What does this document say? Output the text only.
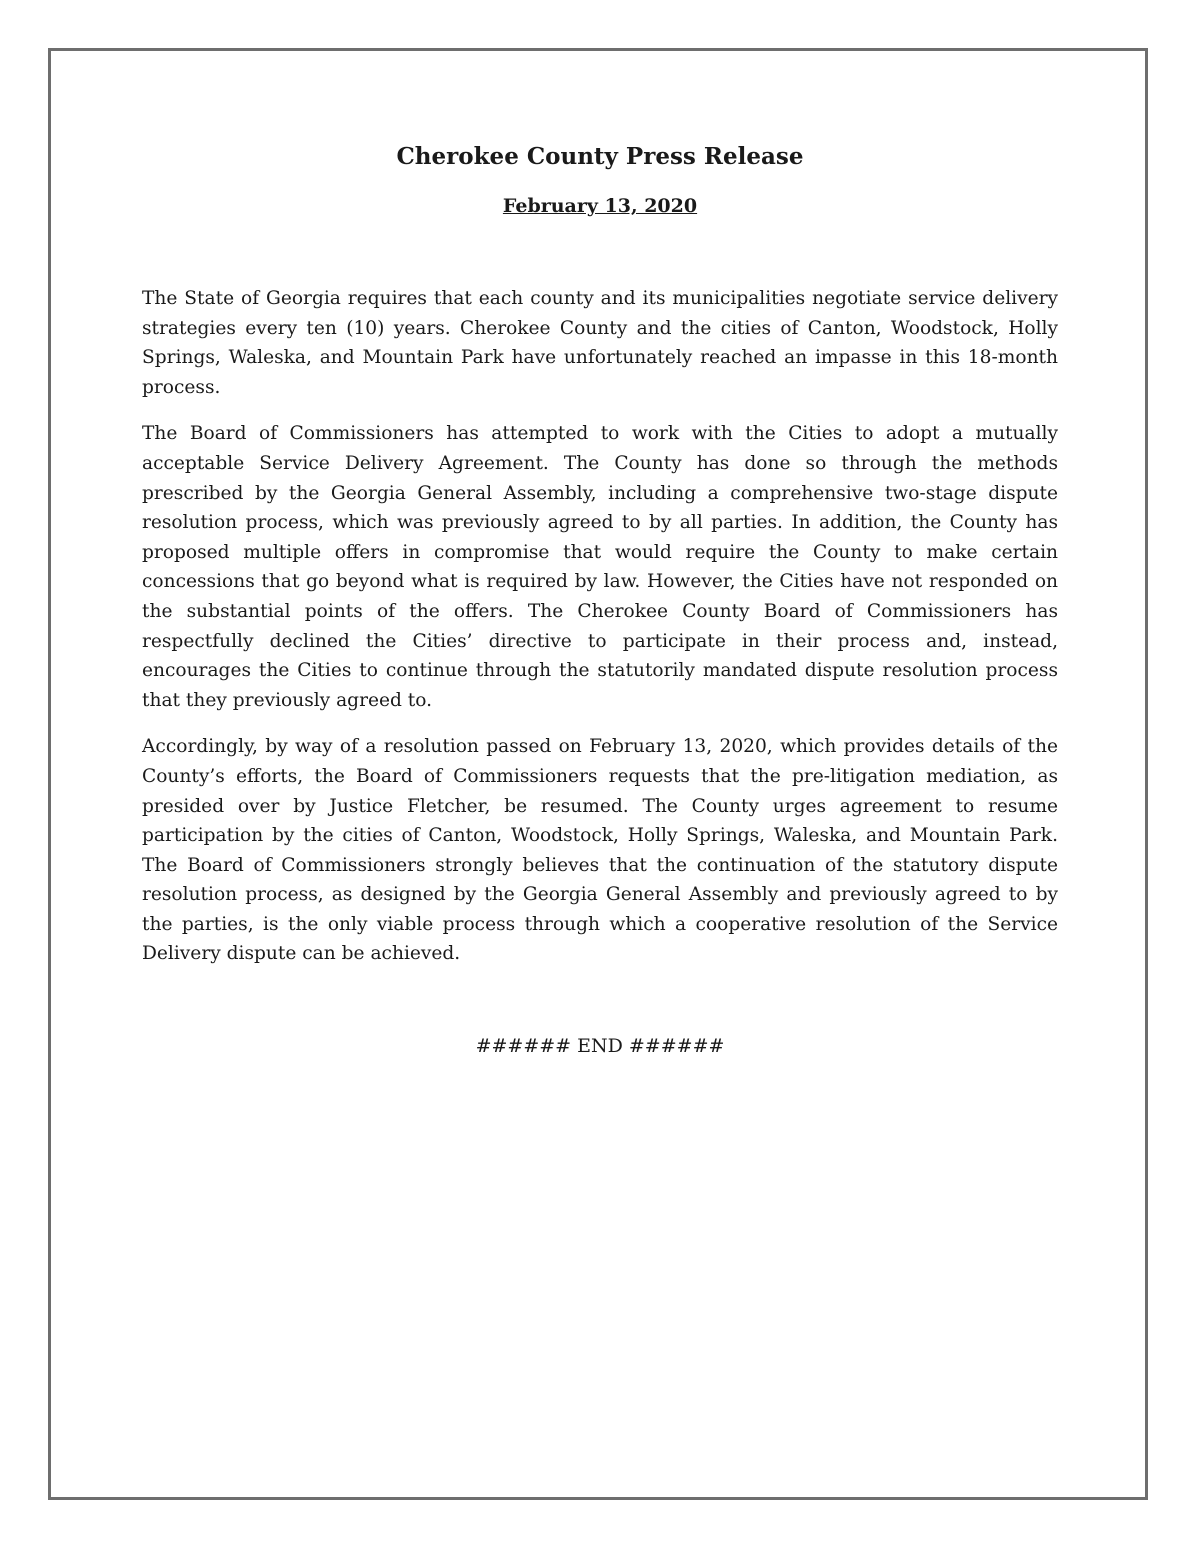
Cherokee County Press Release

February 13, 2020

The State of Georgia requires that each county and its municipalities negotiate service delivery strategies every ten (10) years. Cherokee County and the cities of Canton, Woodstock, Holly Springs, Waleska, and Mountain Park have unfortunately reached an impasse in this 18-month process.

The Board of Commissioners has attempted to work with the Cities to adopt a mutually acceptable Service Delivery Agreement. The County has done so through the methods prescribed by the Georgia General Assembly, including a comprehensive two-stage dispute resolution process, which was previously agreed to by all parties. In addition, the County has proposed multiple offers in compromise that would require the County to make certain concessions that go beyond what is required by law. However, the Cities have not responded on the substantial points of the offers. The Cherokee County Board of Commissioners has respectfully declined the Cities’ directive to participate in their process and, instead, encourages the Cities to continue through the statutorily mandated dispute resolution process that they previously agreed to.

Accordingly, by way of a resolution passed on February 13, 2020, which provides details of the County’s efforts, the Board of Commissioners requests that the pre-litigation mediation, as presided over by Justice Fletcher, be resumed. The County urges agreement to resume participation by the cities of Canton, Woodstock, Holly Springs, Waleska, and Mountain Park. The Board of Commissioners strongly believes that the continuation of the statutory dispute resolution process, as designed by the Georgia General Assembly and previously agreed to by the parties, is the only viable process through which a cooperative resolution of the Service Delivery dispute can be achieved.

###### END ######
